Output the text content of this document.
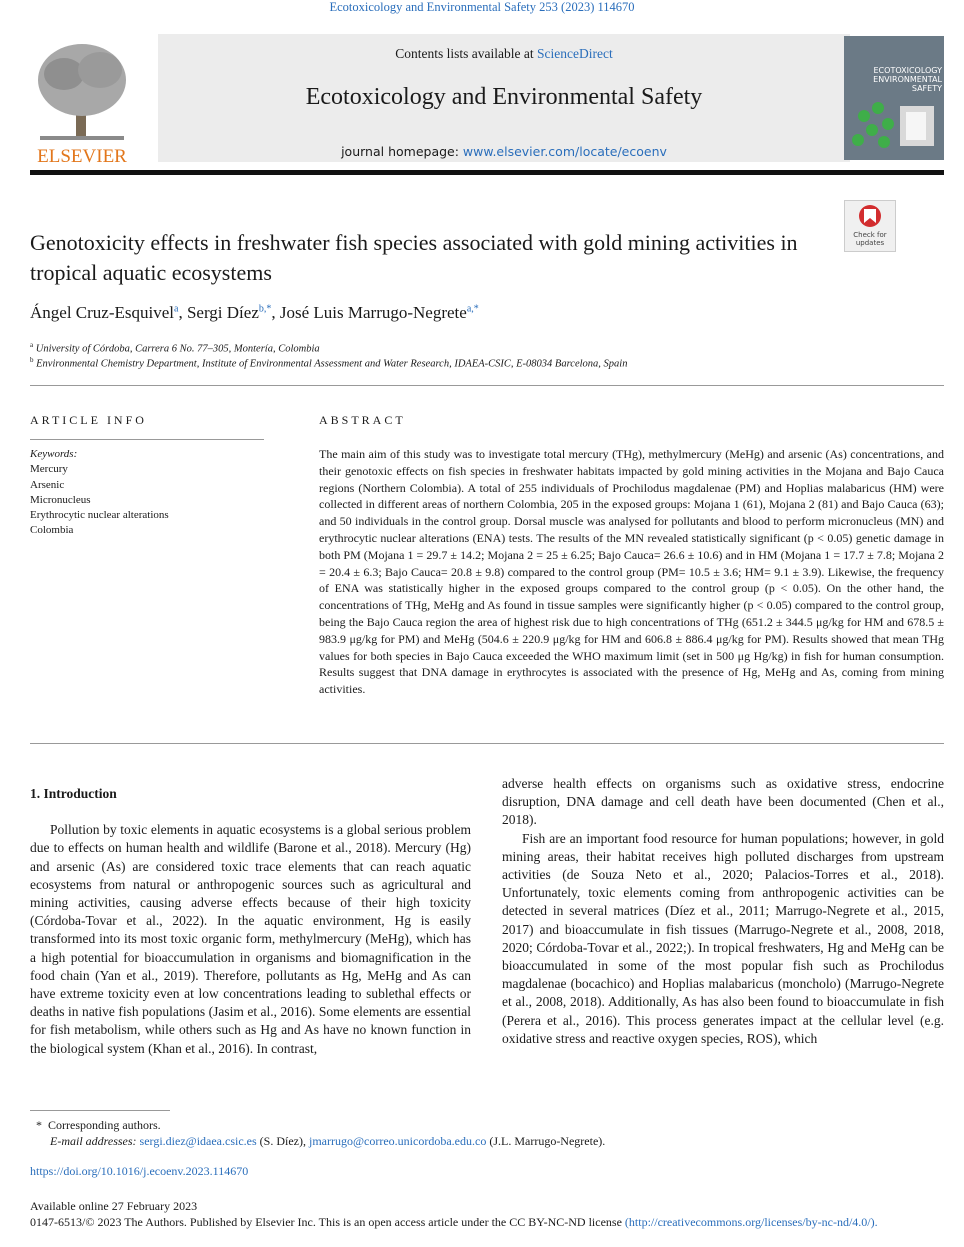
Ecotoxicology and Environmental Safety 253 (2023) 114670
ELSEVIER
Contents lists available at ScienceDirect
Ecotoxicology and Environmental Safety
journal homepage: www.elsevier.com/locate/ecoenv
ECOTOXICOLOGY ENVIRONMENTAL SAFETY
Check for updates
Genotoxicity effects in freshwater fish species associated with gold mining activities in tropical aquatic ecosystems
Ángel Cruz-Esquivel$^a$, Sergi Díez$^{b,*}$, José Luis Marrugo-Negrete$^{a,*}$
$^a$ University of Córdoba, Carrera 6 No. 77–305, Montería, Colombia
$^b$ Environmental Chemistry Department, Institute of Environmental Assessment and Water Research, IDAEA-CSIC, E-08034 Barcelona, Spain
ARTICLE INFO	ABSTRACT
Keywords:
Mercury
Arsenic
Micronucleus
Erythrocytic nuclear alterations
Colombia
The main aim of this study was to investigate total mercury (THg), methylmercury (MeHg) and arsenic (As) concentrations, and their genotoxic effects on fish species in freshwater habitats impacted by gold mining activities in the Mojana and Bajo Cauca regions (Northern Colombia). A total of 255 individuals of Prochilodus magdalenae (PM) and Hoplias malabaricus (HM) were collected in different areas of northern Colombia, 205 in the exposed groups: Mojana 1 (61), Mojana 2 (81) and Bajo Cauca (63); and 50 individuals in the control group. Dorsal muscle was analysed for pollutants and blood to perform micronucleus (MN) and erythrocytic nuclear alterations (ENA) tests. The results of the MN revealed statistically significant (p < 0.05) genetic damage in both PM (Mojana 1 = 29.7 ± 14.2; Mojana 2 = 25 ± 6.25; Bajo Cauca= 26.6 ± 10.6) and in HM (Mojana 1 = 17.7 ± 7.8; Mojana 2 = 20.4 ± 6.3; Bajo Cauca= 20.8 ± 9.8) compared to the control group (PM= 10.5 ± 3.6; HM= 9.1 ± 3.9). Likewise, the frequency of ENA was statistically higher in the exposed groups compared to the control group (p < 0.05). On the other hand, the concentrations of THg, MeHg and As found in tissue samples were significantly higher (p < 0.05) compared to the control group, being the Bajo Cauca region the area of highest risk due to high concentrations of THg (651.2 ± 344.5 μg/kg for HM and 678.5 ± 983.9 μg/kg for PM) and MeHg (504.6 ± 220.9 μg/kg for HM and 606.8 ± 886.4 μg/kg for PM). Results showed that mean THg values for both species in Bajo Cauca exceeded the WHO maximum limit (set in 500 μg Hg/kg) in fish for human consumption. Results suggest that DNA damage in erythrocytes is associated with the presence of Hg, MeHg and As, coming from mining activities.
1. Introduction

Pollution by toxic elements in aquatic ecosystems is a global serious problem due to effects on human health and wildlife (Barone et al., 2018). Mercury (Hg) and arsenic (As) are considered toxic trace elements that can reach aquatic ecosystems from natural or anthropogenic sources such as agricultural and mining activities, causing adverse effects because of their high toxicity (Córdoba-Tovar et al., 2022). In the aquatic environment, Hg is easily transformed into its most toxic organic form, methylmercury (MeHg), which has a high potential for bioaccumulation in organisms and biomagnification in the food chain (Yan et al., 2019). Therefore, pollutants as Hg, MeHg and As can have extreme toxicity even at low concentrations leading to sublethal effects or deaths in native fish populations (Jasim et al., 2016). Some elements are essential for fish metabolism, while others such as Hg and As have no known function in the biological system (Khan et al., 2016). In contrast,

adverse health effects on organisms such as oxidative stress, endocrine disruption, DNA damage and cell death have been documented (Chen et al., 2018).

Fish are an important food resource for human populations; however, in gold mining areas, their habitat receives high polluted discharges from upstream activities (de Souza Neto et al., 2020; Palacios-Torres et al., 2018). Unfortunately, toxic elements coming from anthropogenic activities can be detected in several matrices (Díez et al., 2011; Marrugo-Negrete et al., 2015, 2017) and bioaccumulate in fish tissues (Marrugo-Negrete et al., 2008, 2018, 2020; Córdoba-Tovar et al., 2022;). In tropical freshwaters, Hg and MeHg can be bioaccumulated in some of the most popular fish such as Prochilodus magdalenae (bocachico) and Hoplias malabaricus (moncholo) (Marrugo-Negrete et al., 2008, 2018). Additionally, As has also been found to bioaccumulate in fish (Perera et al., 2016). This process generates impact at the cellular level (e.g. oxidative stress and reactive oxygen species, ROS), which

*  Corresponding authors.
E-mail addresses: sergi.diez@idaea.csic.es (S. Díez), jmarrugo@correo.unicordoba.edu.co (J.L. Marrugo-Negrete).
https://doi.org/10.1016/j.ecoenv.2023.114670
Available online 27 February 2023
0147-6513/© 2023 The Authors. Published by Elsevier Inc. This is an open access article under the CC BY-NC-ND license (http://creativecommons.org/licenses/by-nc-nd/4.0/).
